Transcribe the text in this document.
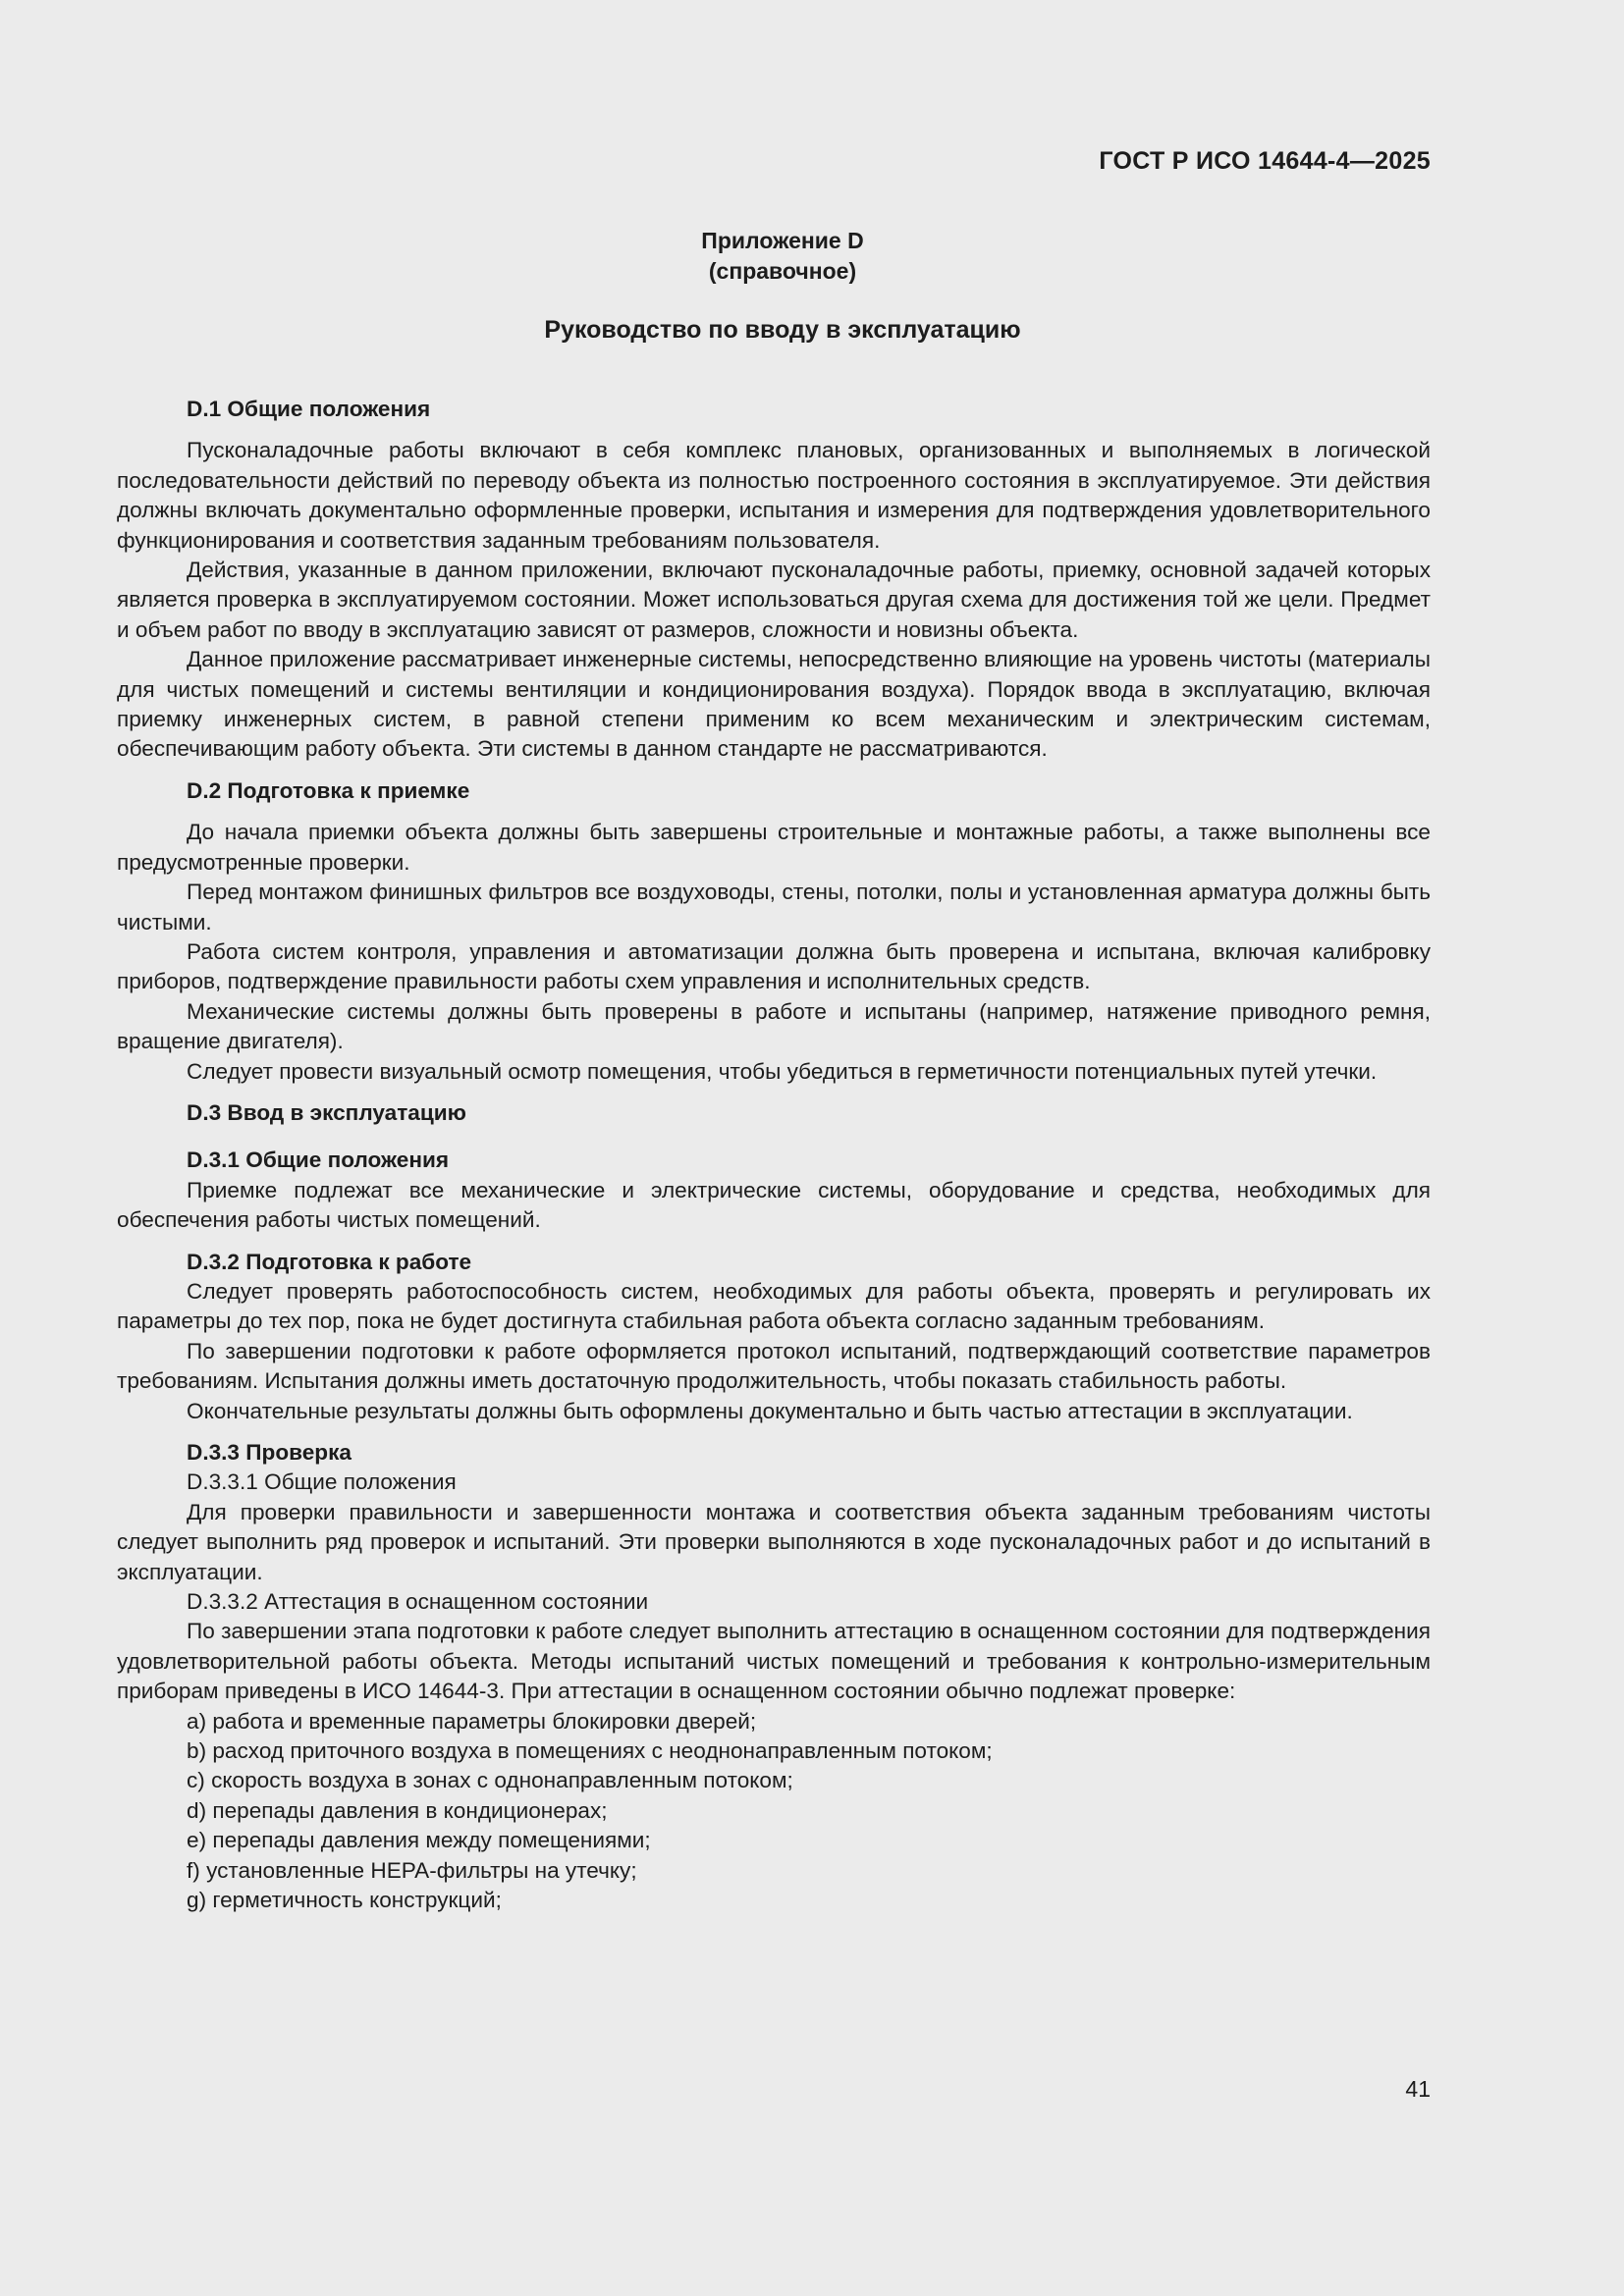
ГОСТ Р ИСО 14644-4—2025
Приложение D
(справочное)
Руководство по вводу в эксплуатацию
D.1 Общие положения

Пусконаладочные работы включают в себя комплекс плановых, организованных и выполняемых в логической последовательности действий по переводу объекта из полностью построенного состояния в эксплуатируемое. Эти действия должны включать документально оформленные проверки, испытания и измерения для подтверждения удовлетворительного функционирования и соответствия заданным требованиям пользователя.

Действия, указанные в данном приложении, включают пусконаладочные работы, приемку, основной задачей которых является проверка в эксплуатируемом состоянии. Может использоваться другая схема для достижения той же цели. Предмет и объем работ по вводу в эксплуатацию зависят от размеров, сложности и новизны объекта.

Данное приложение рассматривает инженерные системы, непосредственно влияющие на уровень чистоты (материалы для чистых помещений и системы вентиляции и кондиционирования воздуха). Порядок ввода в эксплуатацию, включая приемку инженерных систем, в равной степени применим ко всем механическим и электрическим системам, обеспечивающим работу объекта. Эти системы в данном стандарте не рассматриваются.

D.2 Подготовка к приемке

До начала приемки объекта должны быть завершены строительные и монтажные работы, а также выполнены все предусмотренные проверки.

Перед монтажом финишных фильтров все воздуховоды, стены, потолки, полы и установленная арматура должны быть чистыми.

Работа систем контроля, управления и автоматизации должна быть проверена и испытана, включая калибровку приборов, подтверждение правильности работы схем управления и исполнительных средств.

Механические системы должны быть проверены в работе и испытаны (например, натяжение приводного ремня, вращение двигателя).

Следует провести визуальный осмотр помещения, чтобы убедиться в герметичности потенциальных путей утечки.

D.3 Ввод в эксплуатацию
D.3.1 Общие положения

Приемке подлежат все механические и электрические системы, оборудование и средства, необходимых для обеспечения работы чистых помещений.

D.3.2 Подготовка к работе

Следует проверять работоспособность систем, необходимых для работы объекта, проверять и регулировать их параметры до тех пор, пока не будет достигнута стабильная работа объекта согласно заданным требованиям.

По завершении подготовки к работе оформляется протокол испытаний, подтверждающий соответствие параметров требованиям. Испытания должны иметь достаточную продолжительность, чтобы показать стабильность работы.

Окончательные результаты должны быть оформлены документально и быть частью аттестации в эксплуатации.

D.3.3 Проверка

D.3.3.1 Общие положения

Для проверки правильности и завершенности монтажа и соответствия объекта заданным требованиям чистоты следует выполнить ряд проверок и испытаний. Эти проверки выполняются в ходе пусконаладочных работ и до испытаний в эксплуатации.

D.3.3.2 Аттестация в оснащенном состоянии

По завершении этапа подготовки к работе следует выполнить аттестацию в оснащенном состоянии для подтверждения удовлетворительной работы объекта. Методы испытаний чистых помещений и требования к контрольно-измерительным приборам приведены в ИСО 14644-3. При аттестации в оснащенном состоянии обычно подлежат проверке:

a) работа и временные параметры блокировки дверей;

b) расход приточного воздуха в помещениях с неоднонаправленным потоком;

c) скорость воздуха в зонах с однонаправленным потоком;

d) перепады давления в кондиционерах;

e) перепады давления между помещениями;

f) установленные HEPA-фильтры на утечку;

g) герметичность конструкций;

41
